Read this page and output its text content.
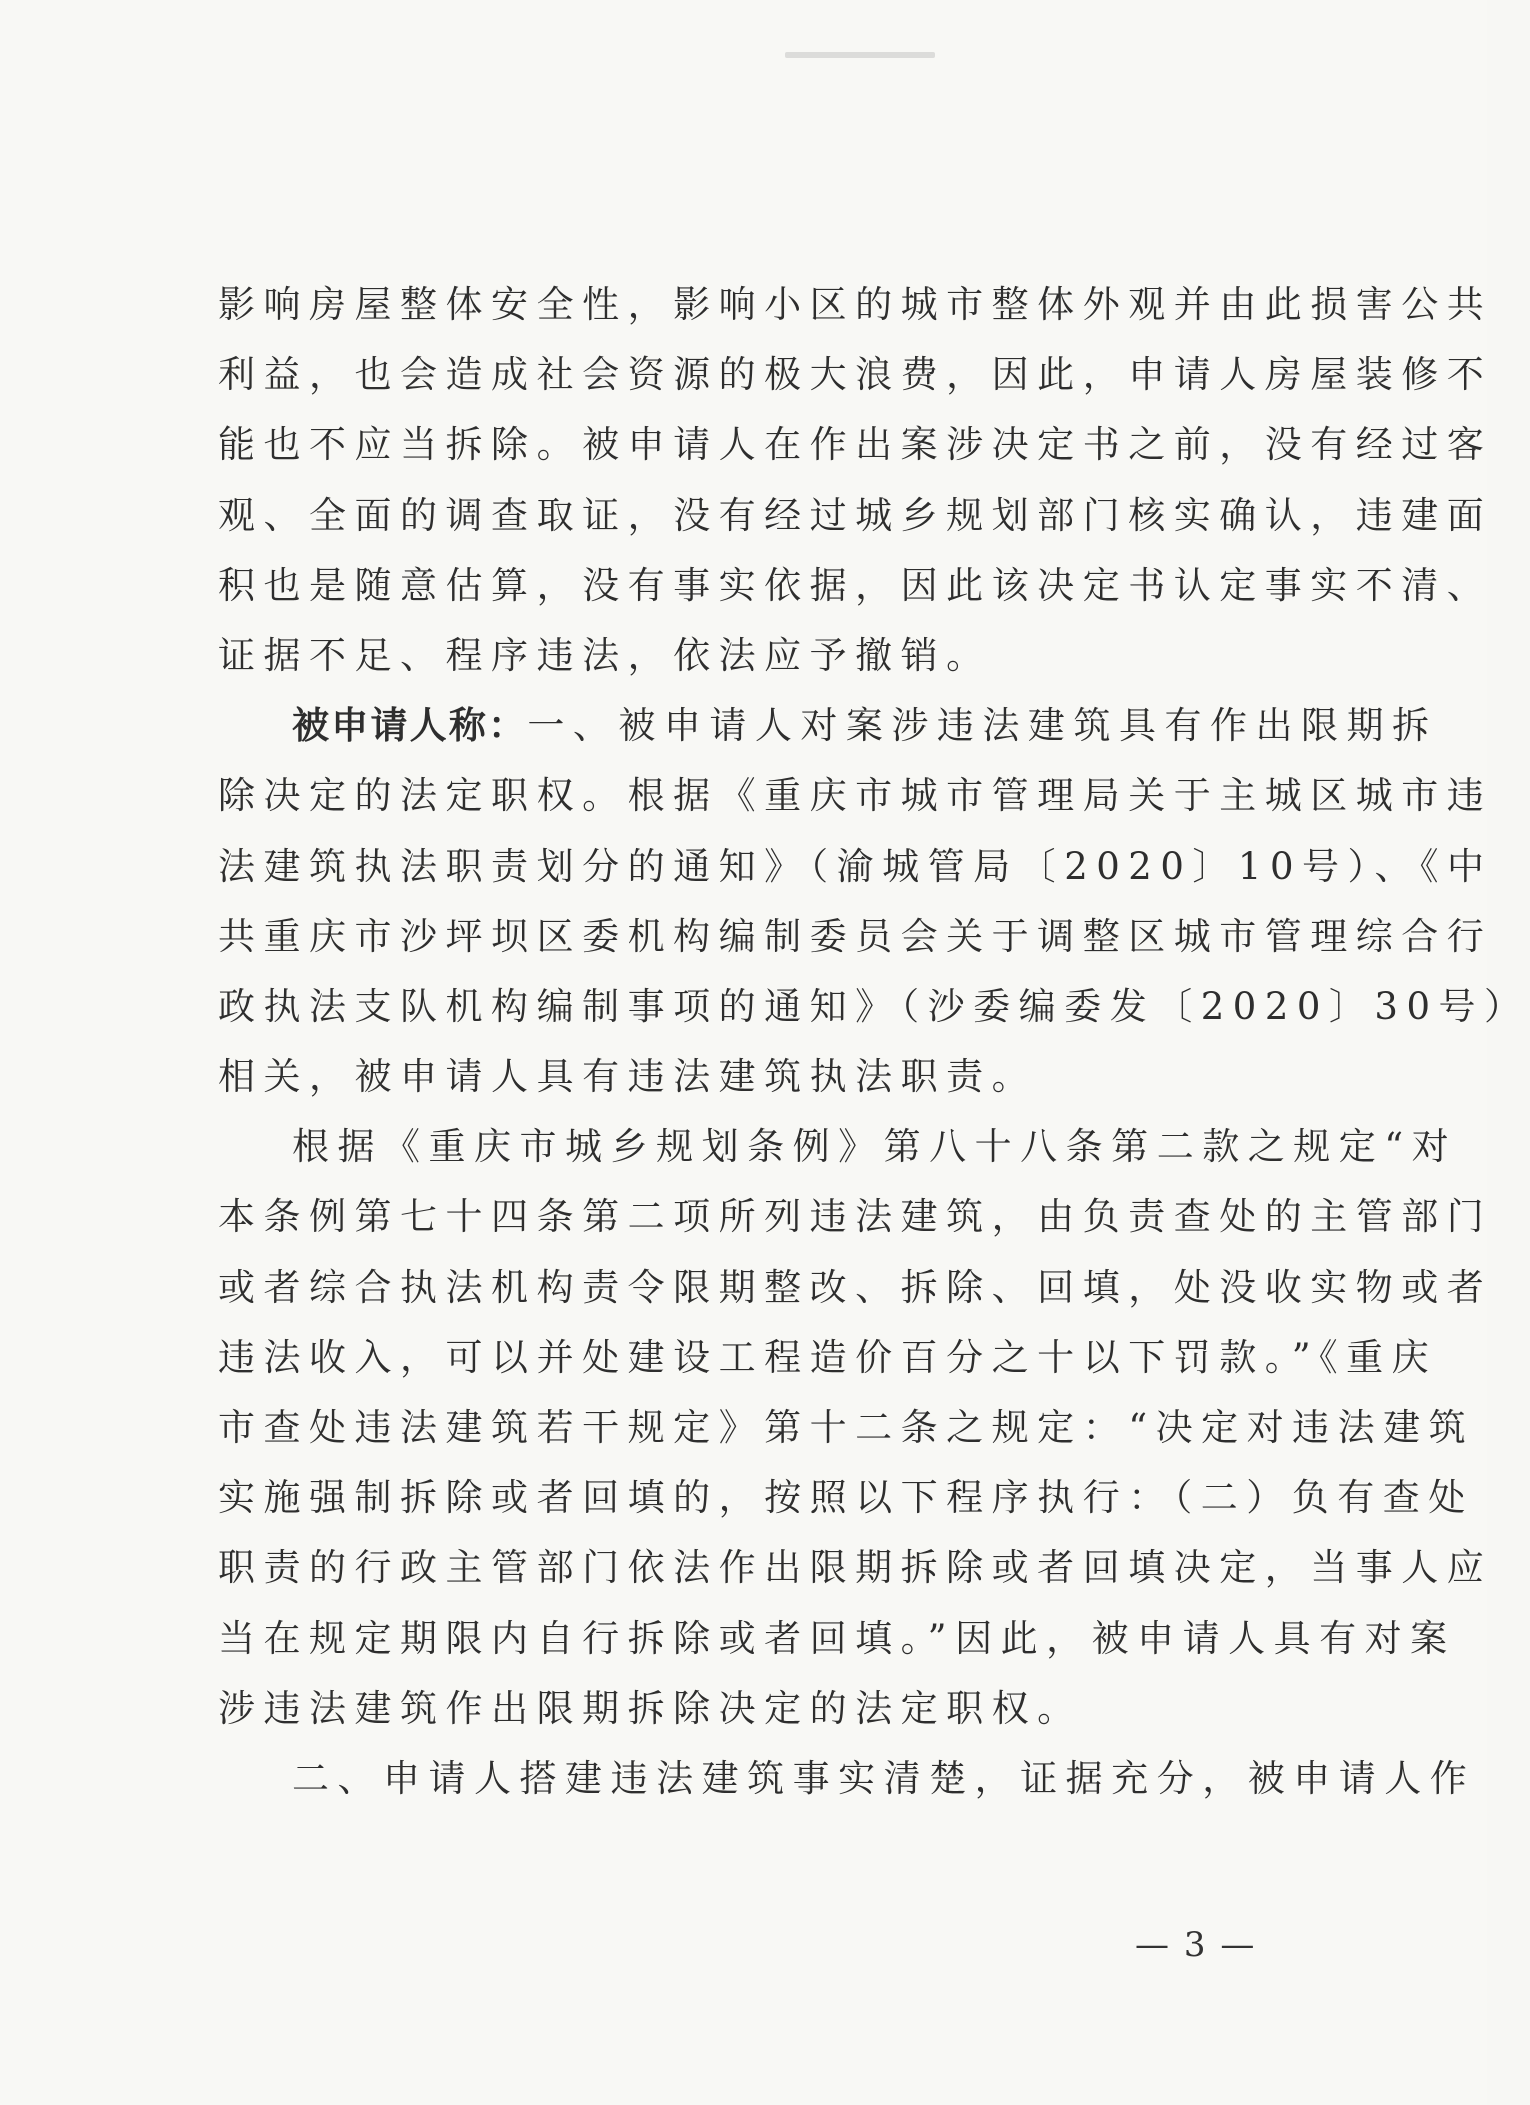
影响房屋整体安全性，影响小区的城市整体外观并由此损害公共
利益，也会造成社会资源的极大浪费，因此，申请人房屋装修不
能也不应当拆除。被申请人在作出案涉决定书之前，没有经过客
观、全面的调查取证，没有经过城乡规划部门核实确认，违建面
积也是随意估算，没有事实依据，因此该决定书认定事实不清、
证据不足、程序违法，依法应予撤销。
被申请人称：一、被申请人对案涉违法建筑具有作出限期拆
除决定的法定职权。根据《重庆市城市管理局关于主城区城市违
法建筑执法职责划分的通知》（渝城管局〔2020〕10号）、《中
共重庆市沙坪坝区委机构编制委员会关于调整区城市管理综合行
政执法支队机构编制事项的通知》（沙委编委发〔2020〕30号）
相关，被申请人具有违法建筑执法职责。
根据《重庆市城乡规划条例》第八十八条第二款之规定“对
本条例第七十四条第二项所列违法建筑，由负责查处的主管部门
或者综合执法机构责令限期整改、拆除、回填，处没收实物或者
违法收入，可以并处建设工程造价百分之十以下罚款。”《重庆
市查处违法建筑若干规定》第十二条之规定：“决定对违法建筑
实施强制拆除或者回填的，按照以下程序执行：（二）负有查处
职责的行政主管部门依法作出限期拆除或者回填决定，当事人应
当在规定期限内自行拆除或者回填。”因此，被申请人具有对案
涉违法建筑作出限期拆除决定的法定职权。
二、申请人搭建违法建筑事实清楚，证据充分，被申请人作
— 3 —
